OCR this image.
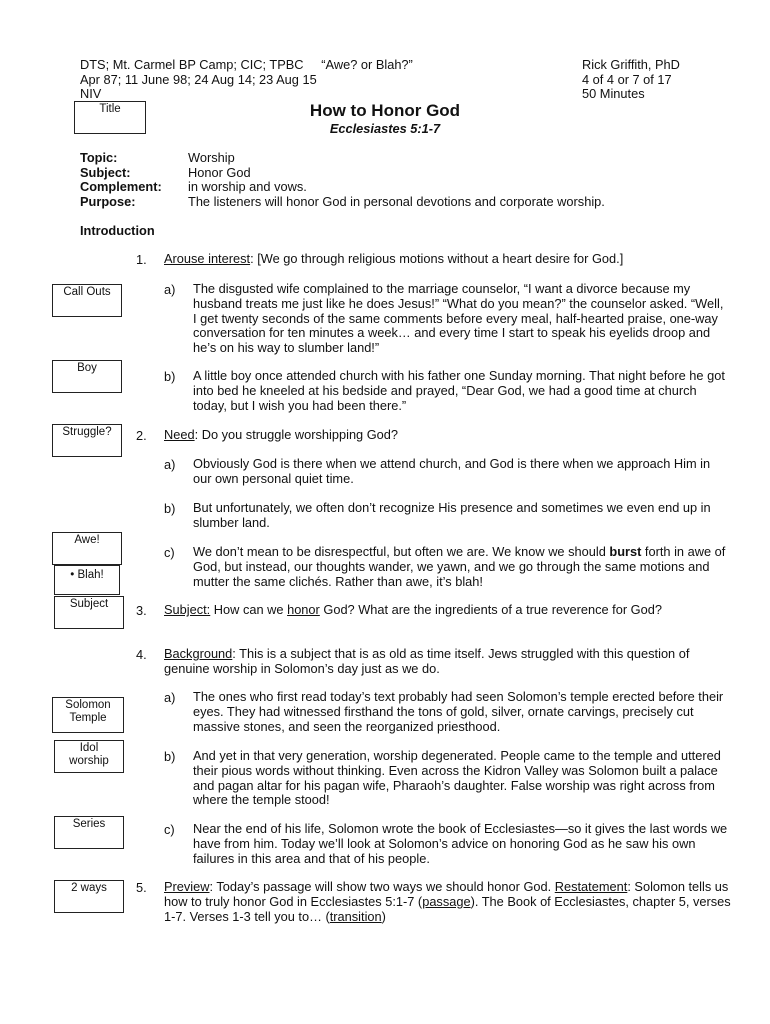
DTS; Mt. Carmel BP Camp; CIC; TPBC     “Awe? or Blah?”
Apr 87; 11 June 98; 24 Aug 14; 23 Aug 15
NIV
Rick Griffith, PhD
4 of 4 or 7 of 17
50 Minutes
How to Honor God
Ecclesiastes 5:1-7
Title
Call Outs
Boy
Struggle?
Awe!
• Blah!
Subject
Solomon
Temple
Idol
worship
Series
2 ways
Topic:	Worship
Subject:	Honor God
Complement: in worship and vows.
Purpose:	The listeners will honor God in personal devotions and corporate worship.
Introduction
1. Arouse interest: [We go through religious motions without a heart desire for God.]
a) The disgusted wife complained to the marriage counselor, “I want a divorce because my husband treats me just like he does Jesus!” “What do you mean?” the counselor asked. “Well, I get twenty seconds of the same comments before every meal, half-hearted praise, one-way conversation for ten minutes a week… and every time I start to speak his eyelids droop and he’s on his way to slumber land!”
b) A little boy once attended church with his father one Sunday morning. That night before he got into bed he kneeled at his bedside and prayed, “Dear God, we had a good time at church today, but I wish you had been there.”
2. Need: Do you struggle worshipping God?
a) Obviously God is there when we attend church, and God is there when we approach Him in our own personal quiet time.
b) But unfortunately, we often don’t recognize His presence and sometimes we even end up in slumber land.
c) We don’t mean to be disrespectful, but often we are. We know we should burst forth in awe of God, but instead, our thoughts wander, we yawn, and we go through the same motions and mutter the same clichés. Rather than awe, it’s blah!
3. Subject: How can we honor God? What are the ingredients of a true reverence for God?
4. Background: This is a subject that is as old as time itself. Jews struggled with this question of genuine worship in Solomon’s day just as we do.
a) The ones who first read today’s text probably had seen Solomon’s temple erected before their eyes. They had witnessed firsthand the tons of gold, silver, ornate carvings, precisely cut massive stones, and seen the reorganized priesthood.
b) And yet in that very generation, worship degenerated. People came to the temple and uttered their pious words without thinking. Even across the Kidron Valley was Solomon built a palace and pagan altar for his pagan wife, Pharaoh’s daughter. False worship was right across from where the temple stood!
c) Near the end of his life, Solomon wrote the book of Ecclesiastes—so it gives the last words we have from him. Today we’ll look at Solomon’s advice on honoring God as he saw his own failures in this area and that of his people.
5. Preview: Today’s passage will show two ways we should honor God. Restatement: Solomon tells us how to truly honor God in Ecclesiastes 5:1-7 (passage). The Book of Ecclesiastes, chapter 5, verses 1-7. Verses 1-3 tell you to… (transition)
